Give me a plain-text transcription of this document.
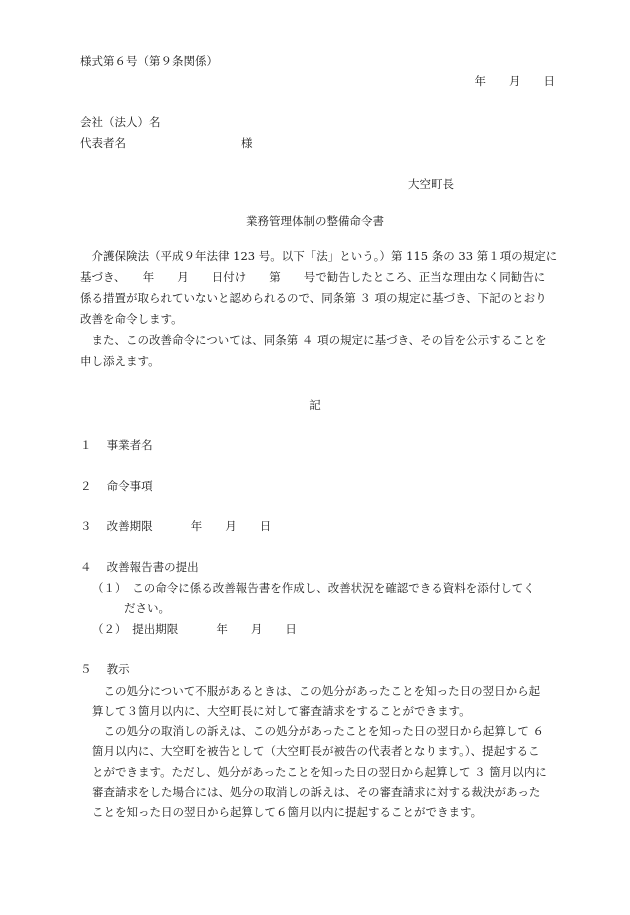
様式第６号（第９条関係）
年　　月　　日
会社（法人）名
代表者名　　　　　　　　　　様
大空町長
業務管理体制の整備命令書
　介護保険法（平成９年法律 123 号。以下「法」という。）第 115 条の 33 第１項の規定に
基づき、　　年　　月　　日付け　　第　　号で勧告したところ、正当な理由なく同勧告に
係る措置が取られていないと認められるので、同条第 ３ 項の規定に基づき、下記のとおり
改善を命令します。
　また、この改善命令については、同条第 ４ 項の規定に基づき、その旨を公示することを
申し添えます。
記
１　 事業者名
２　 命令事項
３　 改善期限　　　 年　　月　　日
４　 改善報告書の提出
（１）　この命令に係る改善報告書を作成し、改善状況を確認できる資料を添付してく
ださい。
（２）　提出期限　　　 年　　月　　日
５　 教示
　この処分について不服があるときは、この処分があったことを知った日の翌日から起
算して３箇月以内に、大空町長に対して審査請求をすることができます。
　この処分の取消しの訴えは、この処分があったことを知った日の翌日から起算して ６
箇月以内に、大空町を被告として（大空町長が被告の代表者となります。）、提起するこ
とができます。ただし、処分があったことを知った日の翌日から起算して ３ 箇月以内に
審査請求をした場合には、処分の取消しの訴えは、その審査請求に対する裁決があった
ことを知った日の翌日から起算して６箇月以内に提起することができます。
